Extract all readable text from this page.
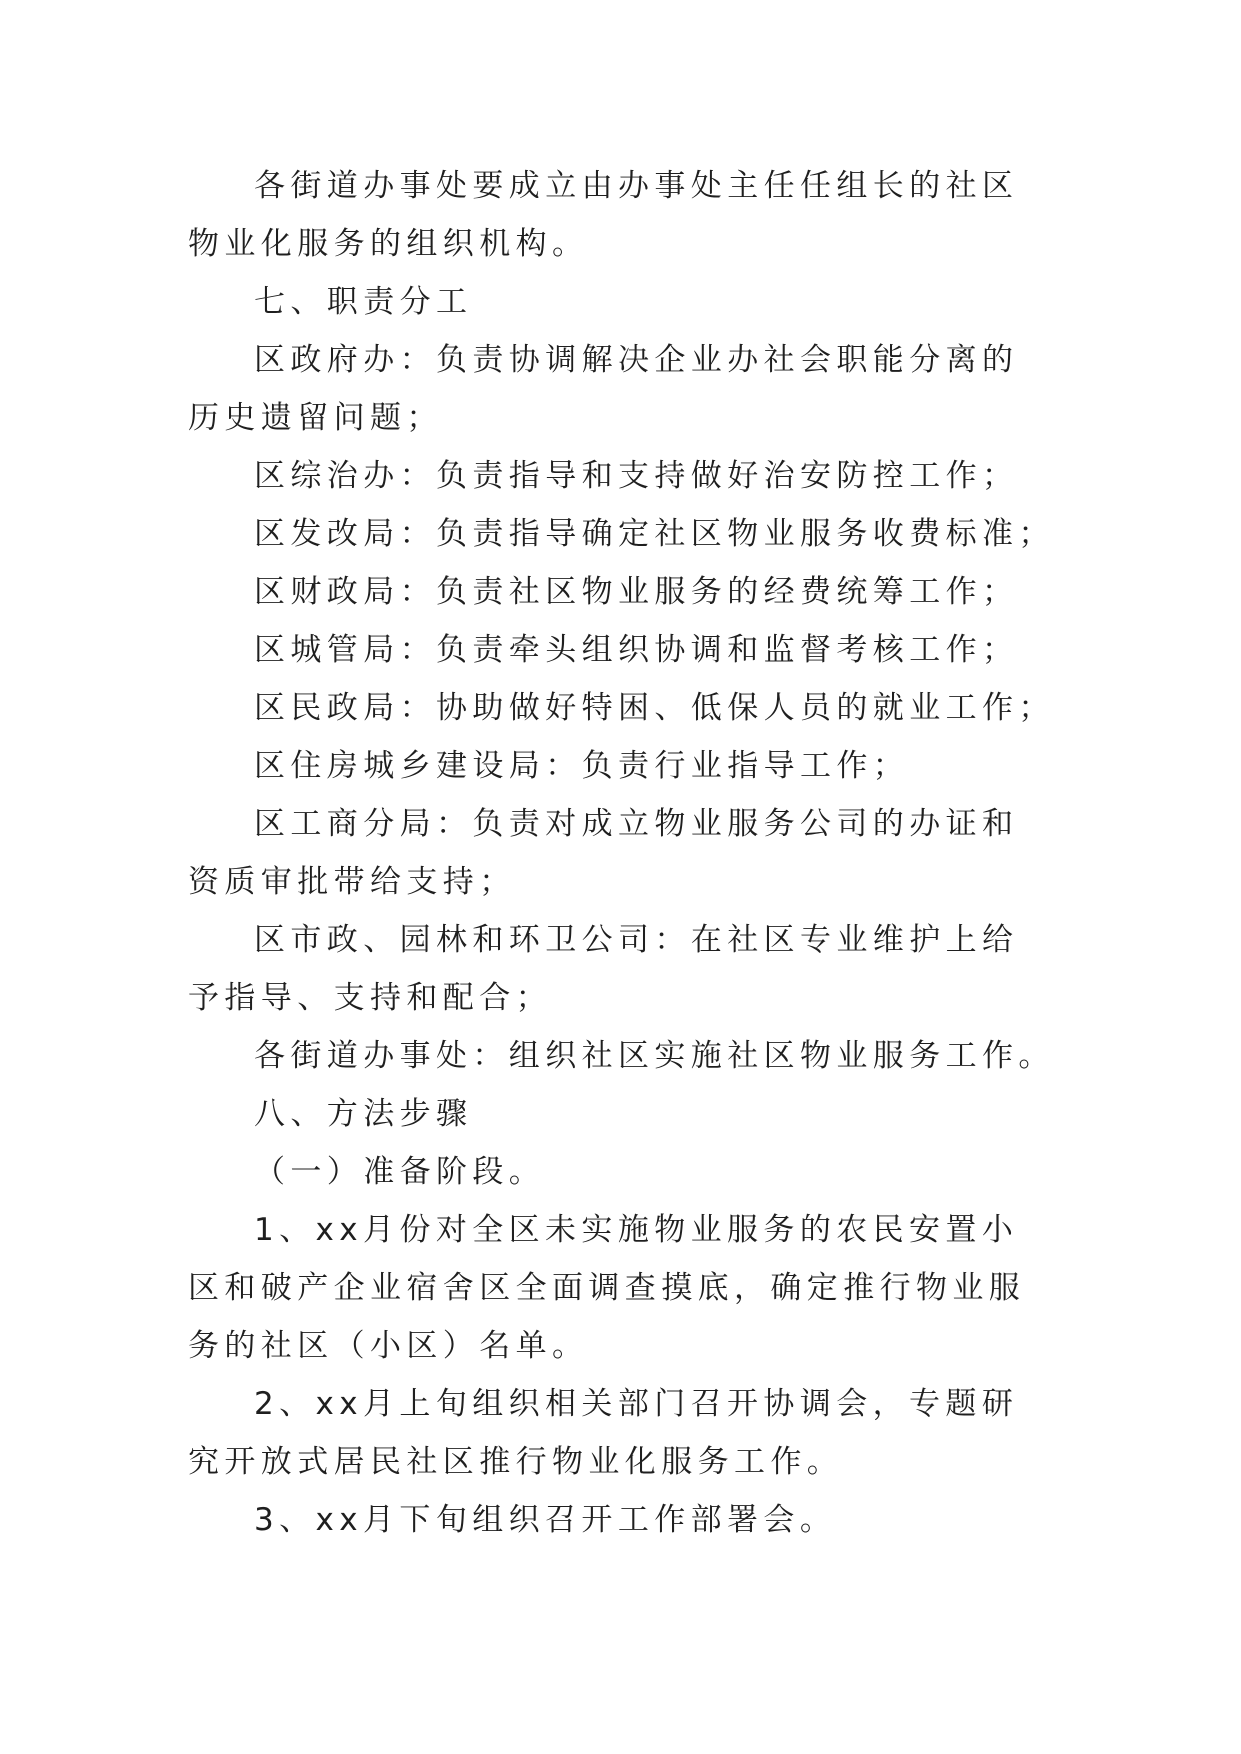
各街道办事处要成立由办事处主任任组长的社区物业化服务的组织机构。

七、职责分工

区政府办：负责协调解决企业办社会职能分离的历史遗留问题；

区综治办：负责指导和支持做好治安防控工作；

区发改局：负责指导确定社区物业服务收费标准；

区财政局：负责社区物业服务的经费统筹工作；

区城管局：负责牵头组织协调和监督考核工作；

区民政局：协助做好特困、低保人员的就业工作；

区住房城乡建设局：负责行业指导工作；

区工商分局：负责对成立物业服务公司的办证和资质审批带给支持；

区市政、园林和环卫公司：在社区专业维护上给予指导、支持和配合；

各街道办事处：组织社区实施社区物业服务工作。

八、方法步骤

（一）准备阶段。

1、xx月份对全区未实施物业服务的农民安置小区和破产企业宿舍区全面调查摸底，确定推行物业服务的社区（小区）名单。

2、xx月上旬组织相关部门召开协调会，专题研究开放式居民社区推行物业化服务工作。

3、xx月下旬组织召开工作部署会。
